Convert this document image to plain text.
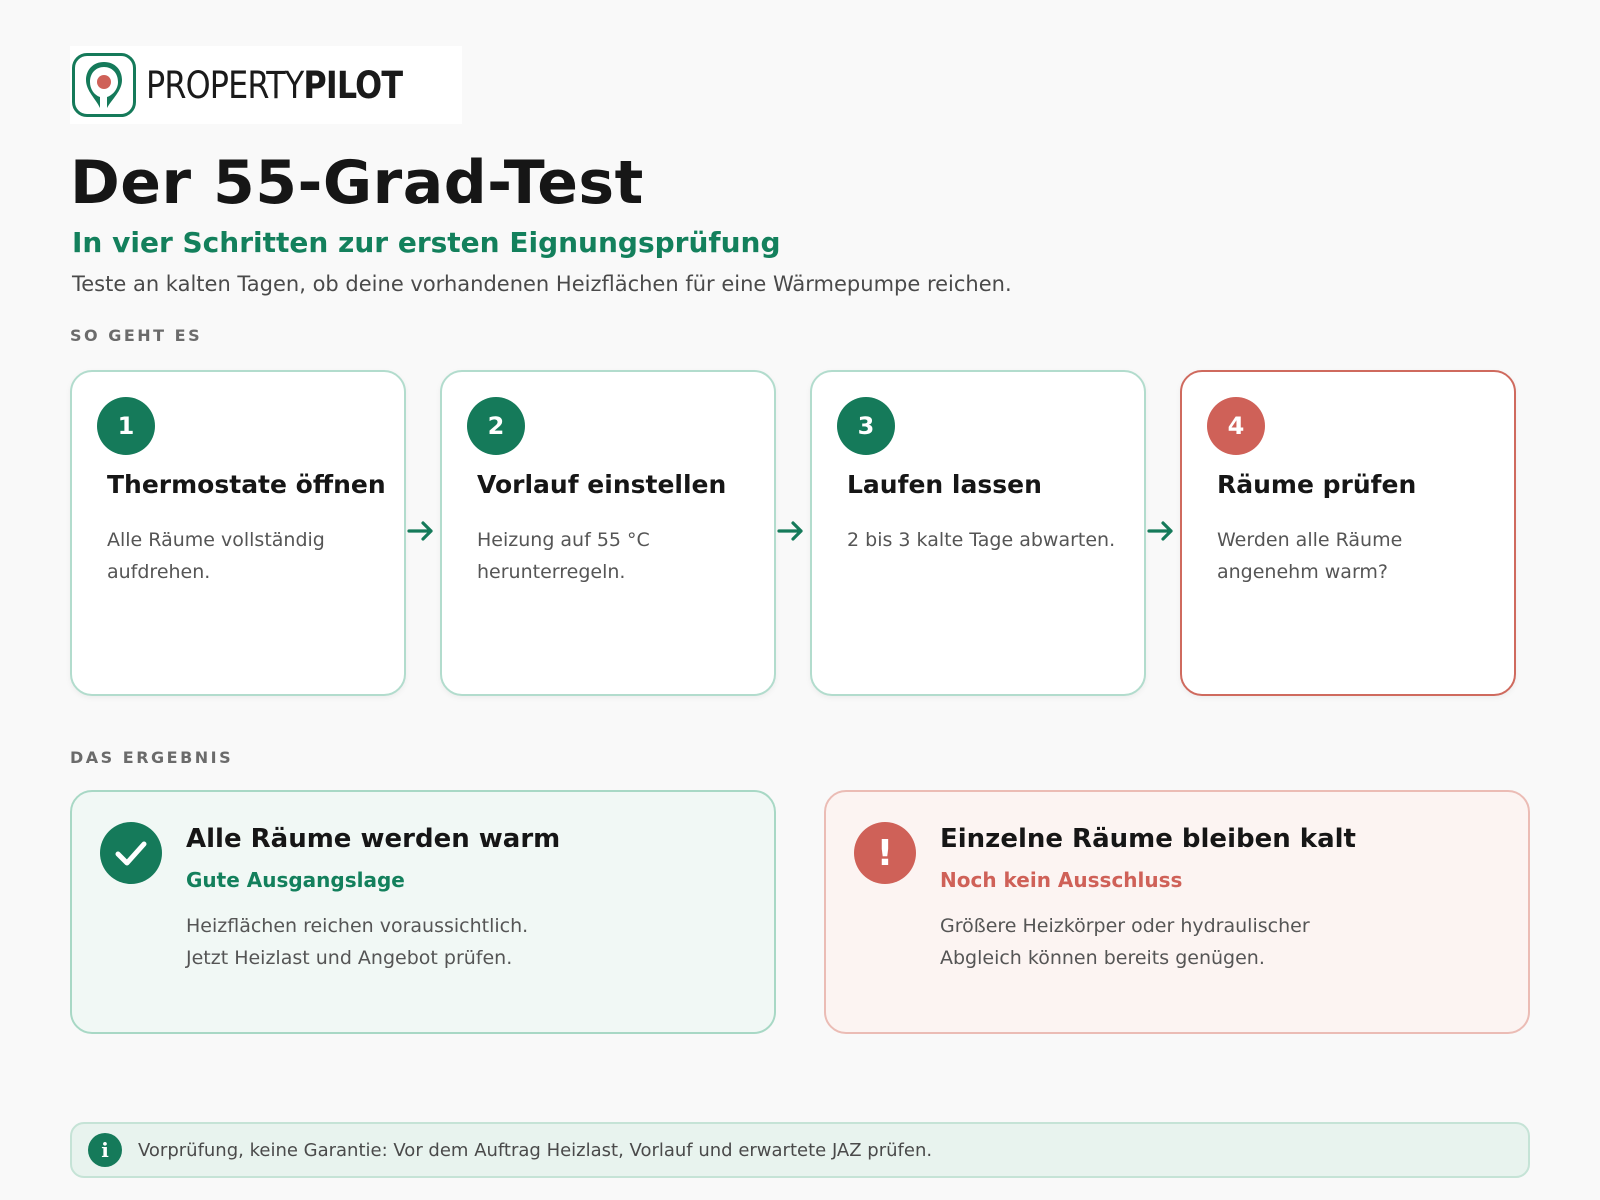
PROPERTYPILOT
Der 55-Grad-Test
In vier Schritten zur ersten Eignungsprüfung
Teste an kalten Tagen, ob deine vorhandenen Heizflächen für eine Wärmepumpe reichen.
SO GEHT ES
1
Thermostate öffnen
Alle Räume vollständig aufdrehen.
2
Vorlauf einstellen
Heizung auf 55 °C herunterregeln.
3
Laufen lassen
2 bis 3 kalte Tage abwarten.
4
Räume prüfen
Werden alle Räume angenehm warm?
DAS ERGEBNIS
Alle Räume werden warm
Gute Ausgangslage
Heizflächen reichen voraussichtlich.
Jetzt Heizlast und Angebot prüfen.
! Einzelne Räume bleiben kalt
Noch kein Ausschluss
Größere Heizkörper oder hydraulischer
Abgleich können bereits genügen.
i	Vorprüfung, keine Garantie: Vor dem Auftrag Heizlast, Vorlauf und erwartete JAZ prüfen.
